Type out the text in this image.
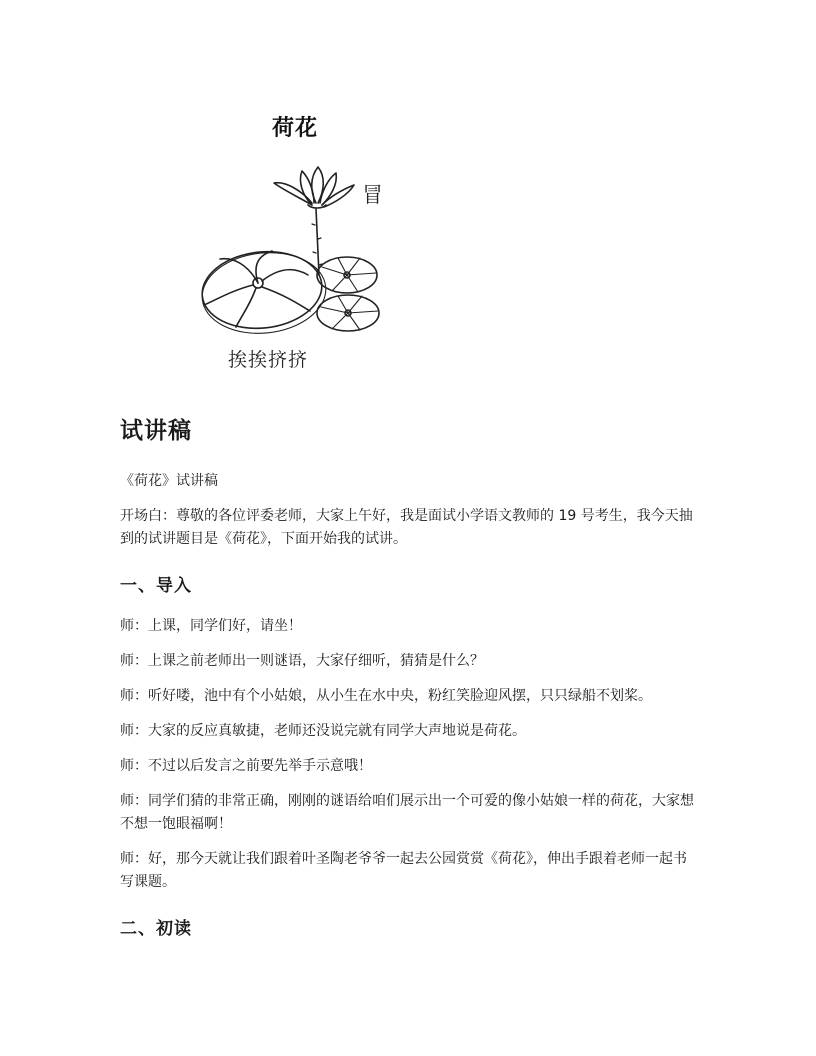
荷花
冒
挨挨挤挤
试讲稿

《荷花》试讲稿

开场白：尊敬的各位评委老师，大家上午好，我是面试小学语文教师的 19 号考生，我今天抽到的试讲题目是《荷花》，下面开始我的试讲。

一、导入

师：上课，同学们好，请坐！

师：上课之前老师出一则谜语，大家仔细听，猜猜是什么？

师：听好喽，池中有个小姑娘，从小生在水中央，粉红笑脸迎风摆，只只绿船不划桨。

师：大家的反应真敏捷，老师还没说完就有同学大声地说是荷花。

师：不过以后发言之前要先举手示意哦！

师：同学们猜的非常正确，刚刚的谜语给咱们展示出一个可爱的像小姑娘一样的荷花，大家想不想一饱眼福啊！

师：好，那今天就让我们跟着叶圣陶老爷爷一起去公园赏赏《荷花》，伸出手跟着老师一起书写课题。

二、初读
